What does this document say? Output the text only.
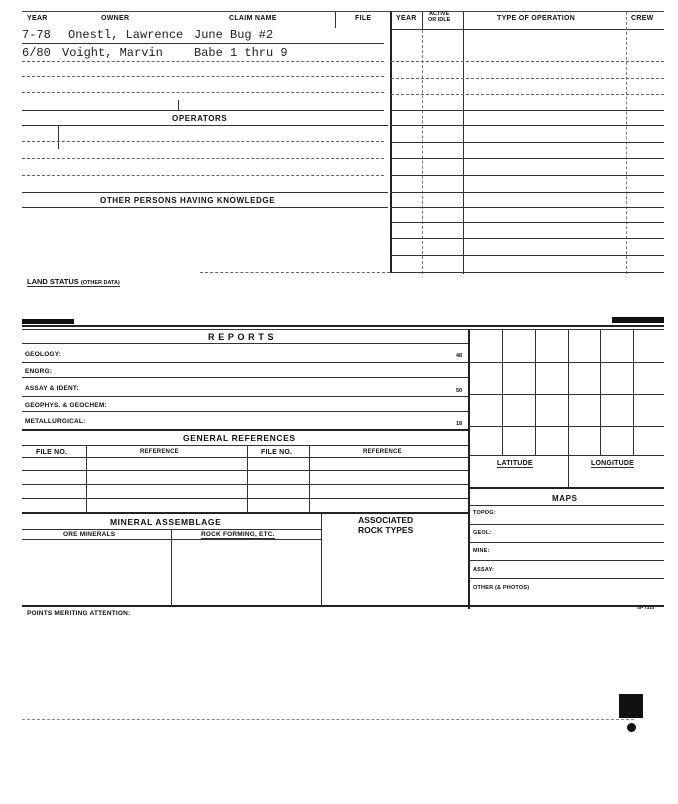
YEAR	OWNER	CLAIM NAME	FILE	YEAR
ACTIVE
OR IDLE	TYPE OF OPERATION	CREW
7-78 Onestl, Lawrence June Bug #2
6/80 Voight, Marvin	Babe 1 thru 9
OPERATORS
OTHER PERSONS HAVING KNOWLEDGE
LAND STATUS (OTHER DATA)
R E P O R T S
GEOLOGY:	48
ENGRG:
ASSAY & IDENT:	50
GEOPHYS. & GEOCHEM:
METALLURGICAL:	18
LATITUDE	LONGITUDE
MAPS
TOPOG:
GEOL:
MINE:
ASSAY:
OTHER (& PHOTOS)
GENERAL REFERENCES
FILE NO.	REFERENCE	FILE NO.	REFERENCE
MINERAL ASSEMBLAGE	ASSOCIATED
ROCK TYPES
ORE MINERALS	ROCK FORMING, ETC.
POINTS MERITING ATTENTION:
SP 7313
